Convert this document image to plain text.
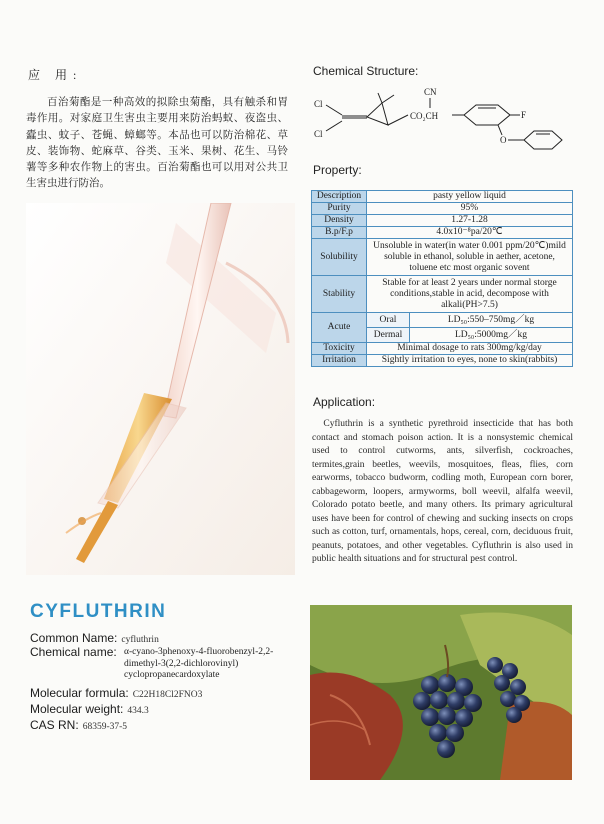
应 用:
百治菊酯是一种高效的拟除虫菊酯，具有触杀和胃毒作用。对家庭卫生害虫主要用来防治蚂蚁、夜盗虫、蠹虫、蚊子、苍蝇、蟑螂等。本品也可以防治棉花、草皮、装饰物、蛇麻草、谷类、玉米、果树、花生、马铃薯等多种农作物上的害虫。百治菊酯也可以用对公共卫生害虫进行防治。
CYFLUTHRIN
Common Name: cyfluthrin
Chemical name: α-cyano-3phenoxy-4-fluorobenzyl-2,2-dimethyl-3(2,2-dichlorovinyl) cyclopropanecardoxylate
Molecular formula: C22H18Cl2FNO3
Molecular weight: 434.3
CAS RN: 68359-37-5
Chemical Structure:
Cl
Cl
CN
CO₂CH	F
O
Property:
Description	pasty yellow liquid	
Purity	95%	
Density	1.27-1.28	
B.p/F.p	4.0x10⁻⁸pa/20℃	
Solubility	Unsoluble in water(in water 0.001 ppm/20℃)mild soluble in ethanol, soluble in aether, acetone, toluene etc most organic sovent	
Stability	Stable for at least 2 years under normal storge conditions,stable in acid, decompose with alkali(PH>7.5)	
Acute	Oral	LD₅₀:550–750mg／kg
	Dermal	LD₅₀:5000mg／kg
Toxicity	Minimal dosage to rats 300mg/kg/day	
Irritation	Sightly irritation to eyes, none to skin(rabbits)	
Application:
Cyfluthrin is a synthetic pyrethroid insecticide that has both contact and stomach poison action. It is a nonsystemic chemical used to control cutworms, ants, silverfish, cockroaches, termites,grain beetles, weevils, mosquitoes, fleas, flies, corn earworms, tobacco budworm, codling moth, European corn borer, cabbageworm, loopers, armyworms, boll weevil, alfalfa weevil, Colorado potato beetle, and many others. Its primary agricultural uses have been for control of chewing and sucking insects on crops such as cotton, turf, ornamentals, hops, cereal, corn, deciduous fruit, peanuts, potatoes, and other vegetables. Cyfluthrin is also used in public health situations and for structural pest control.
